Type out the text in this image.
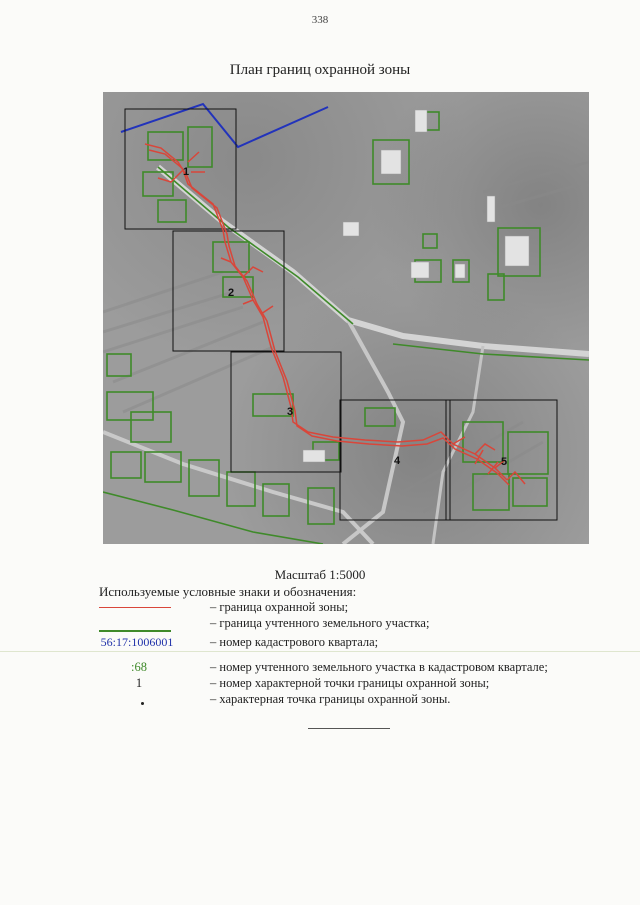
338
План границ охранной зоны
1
2
3
4	5
Масштаб 1:5000
Используемые условные знаки и обозначения:
– граница охранной зоны;
– граница учтенного земельного участка;
56:17:1006001	– номер кадастрового квартала;
:68	– номер учтенного земельного участка в кадастровом квартале;
1	– номер характерной точки границы охранной зоны;
– характерная точка границы охранной зоны.
